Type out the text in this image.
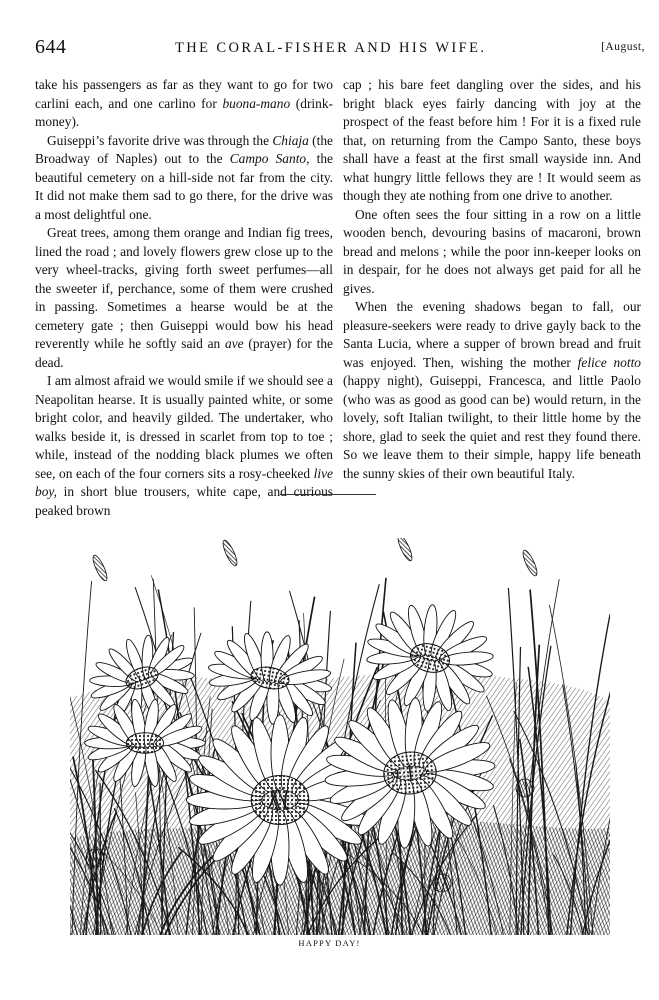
644	THE CORAL-FISHER AND HIS WIFE.	[August,

take his passengers as far as they want to go for two carlini each, and one carlino for buona-mano (drink-money).

Guiseppi’s favorite drive was through the Chiaja (the Broadway of Naples) out to the Campo Santo, the beautiful cemetery on a hill-side not far from the city. It did not make them sad to go there, for the drive was a most delightful one.

Great trees, among them orange and Indian fig trees, lined the road ; and lovely flowers grew close up to the very wheel-tracks, giving forth sweet perfumes—all the sweeter if, perchance, some of them were crushed in passing. Sometimes a hearse would be at the cemetery gate ; then Guiseppi would bow his head reverently while he softly said an ave (prayer) for the dead.

I am almost afraid we would smile if we should see a Neapolitan hearse. It is usually painted white, or some bright color, and heavily gilded. The undertaker, who walks beside it, is dressed in scarlet from top to toe ; while, instead of the nodding black plumes we often see, on each of the four corners sits a rosy-cheeked live boy, in short blue trousers, white cape, and curious peaked brown

cap ; his bare feet dangling over the sides, and his bright black eyes fairly dancing with joy at the prospect of the feast before him ! For it is a fixed rule that, on returning from the Campo Santo, these boys shall have a feast at the first small wayside inn. And what hungry little fellows they are ! It would seem as though they ate nothing from one drive to another.

One often sees the four sitting in a row on a little wooden bench, devouring basins of macaroni, brown bread and melons ; while the poor inn-keeper looks on in despair, for he does not always get paid for all he gives.

When the evening shadows began to fall, our pleasure-seekers were ready to drive gayly back to the Santa Lucia, where a supper of brown bread and fruit was enjoyed. Then, wishing the mother felice notto (happy night), Guiseppi, Francesca, and little Paolo (who was as good as good can be) would return, in the lovely, soft Italian twilight, to their little home by the shore, glad to seek the quiet and rest they found there. So we leave them to their simple, happy life beneath the sunny skies of their own beautiful Italy.

HAPPY DAY!
